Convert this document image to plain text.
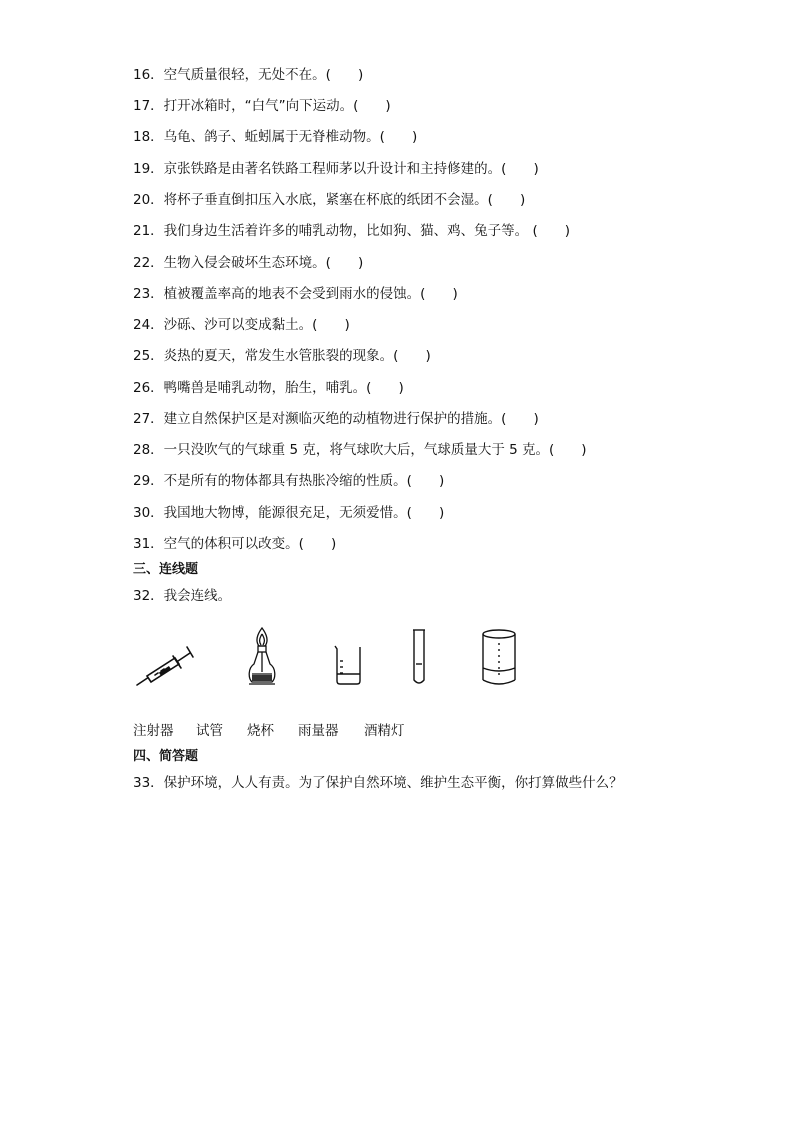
16．空气质量很轻，无处不在。(　　)
17．打开冰箱时，“白气”向下运动。(　　)
18．乌龟、鸽子、蚯蚓属于无脊椎动物。(　　)
19．京张铁路是由著名铁路工程师茅以升设计和主持修建的。(　　)
20．将杯子垂直倒扣压入水底，紧塞在杯底的纸团不会湿。(　　)
21．我们身边生活着许多的哺乳动物，比如狗、猫、鸡、兔子等。 (　　)
22．生物入侵会破坏生态环境。(　　)
23．植被覆盖率高的地表不会受到雨水的侵蚀。(　　)
24．沙砾、沙可以变成黏土。(　　)
25．炎热的夏天，常发生水管胀裂的现象。(　　)
26．鸭嘴兽是哺乳动物，胎生，哺乳。(　　)
27．建立自然保护区是对濒临灭绝的动植物进行保护的措施。(　　)
28．一只没吹气的气球重 5 克，将气球吹大后，气球质量大于 5 克。(　　)
29．不是所有的物体都具有热胀冷缩的性质。(　　)
30．我国地大物博，能源很充足，无须爱惜。(　　)
31．空气的体积可以改变。(　　)
三、连线题
32．我会连线。
注射器 试管 烧杯 雨量器 酒精灯
四、简答题
33．保护环境，人人有责。为了保护自然环境、维护生态平衡，你打算做些什么？
